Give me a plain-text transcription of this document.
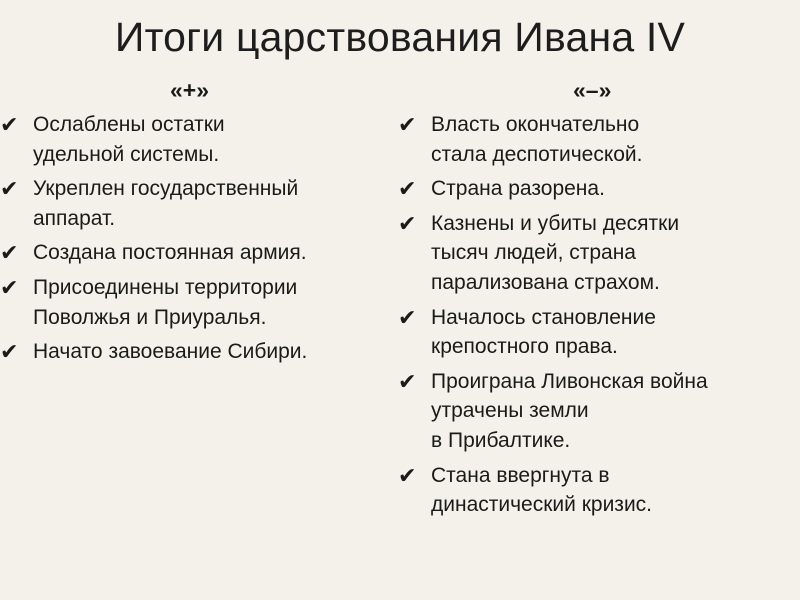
Итоги царствования Ивана IV
«+»
✔ Ослаблены остатки
удельной системы.
✔ Укреплен государственный
аппарат.
✔ Создана постоянная армия.
✔ Присоединены территории
Поволжья и Приуралья.
✔ Начато завоевание Сибири.
«–»
✔ Власть окончательно
стала деспотической.
✔ Страна разорена.
✔ Казнены и убиты десятки
тысяч людей, страна
парализована страхом.
✔ Началось становление
крепостного права.
✔ Проиграна Ливонская война
утрачены земли
в Прибалтике.
✔ Стана ввергнута в
династический кризис.
